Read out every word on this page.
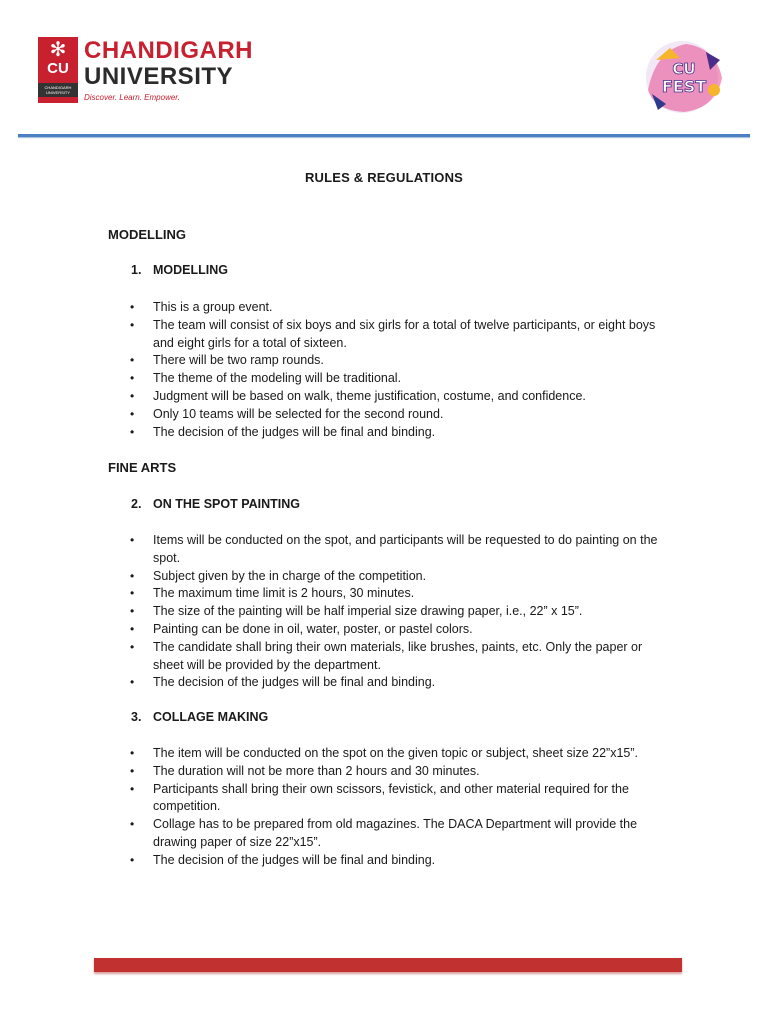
✻
CU
CHANDIGARH UNIVERSITY
CHANDIGARH
UNIVERSITY
Discover. Learn. Empower.
CU
FEST
RULES & REGULATIONS
MODELLING
1. MODELLING
• This is a group event.
• The team will consist of six boys and six girls for a total of twelve participants, or eight boys and eight girls for a total of sixteen.
• There will be two ramp rounds.
• The theme of the modeling will be traditional.
• Judgment will be based on walk, theme justification, costume, and confidence.
• Only 10 teams will be selected for the second round.
• The decision of the judges will be final and binding.
FINE ARTS
2. ON THE SPOT PAINTING
• Items will be conducted on the spot, and participants will be requested to do painting on the spot.
• Subject given by the in charge of the competition.
• The maximum time limit is 2 hours, 30 minutes.
• The size of the painting will be half imperial size drawing paper, i.e., 22” x 15”.
• Painting can be done in oil, water, poster, or pastel colors.
• The candidate shall bring their own materials, like brushes, paints, etc. Only the paper or sheet will be provided by the department.
• The decision of the judges will be final and binding.
3. COLLAGE MAKING
• The item will be conducted on the spot on the given topic or subject, sheet size 22”x15”.
• The duration will not be more than 2 hours and 30 minutes.
• Participants shall bring their own scissors, fevistick, and other material required for the competition.
• Collage has to be prepared from old magazines. The DACA Department will provide the drawing paper of size 22”x15”.
• The decision of the judges will be final and binding.
